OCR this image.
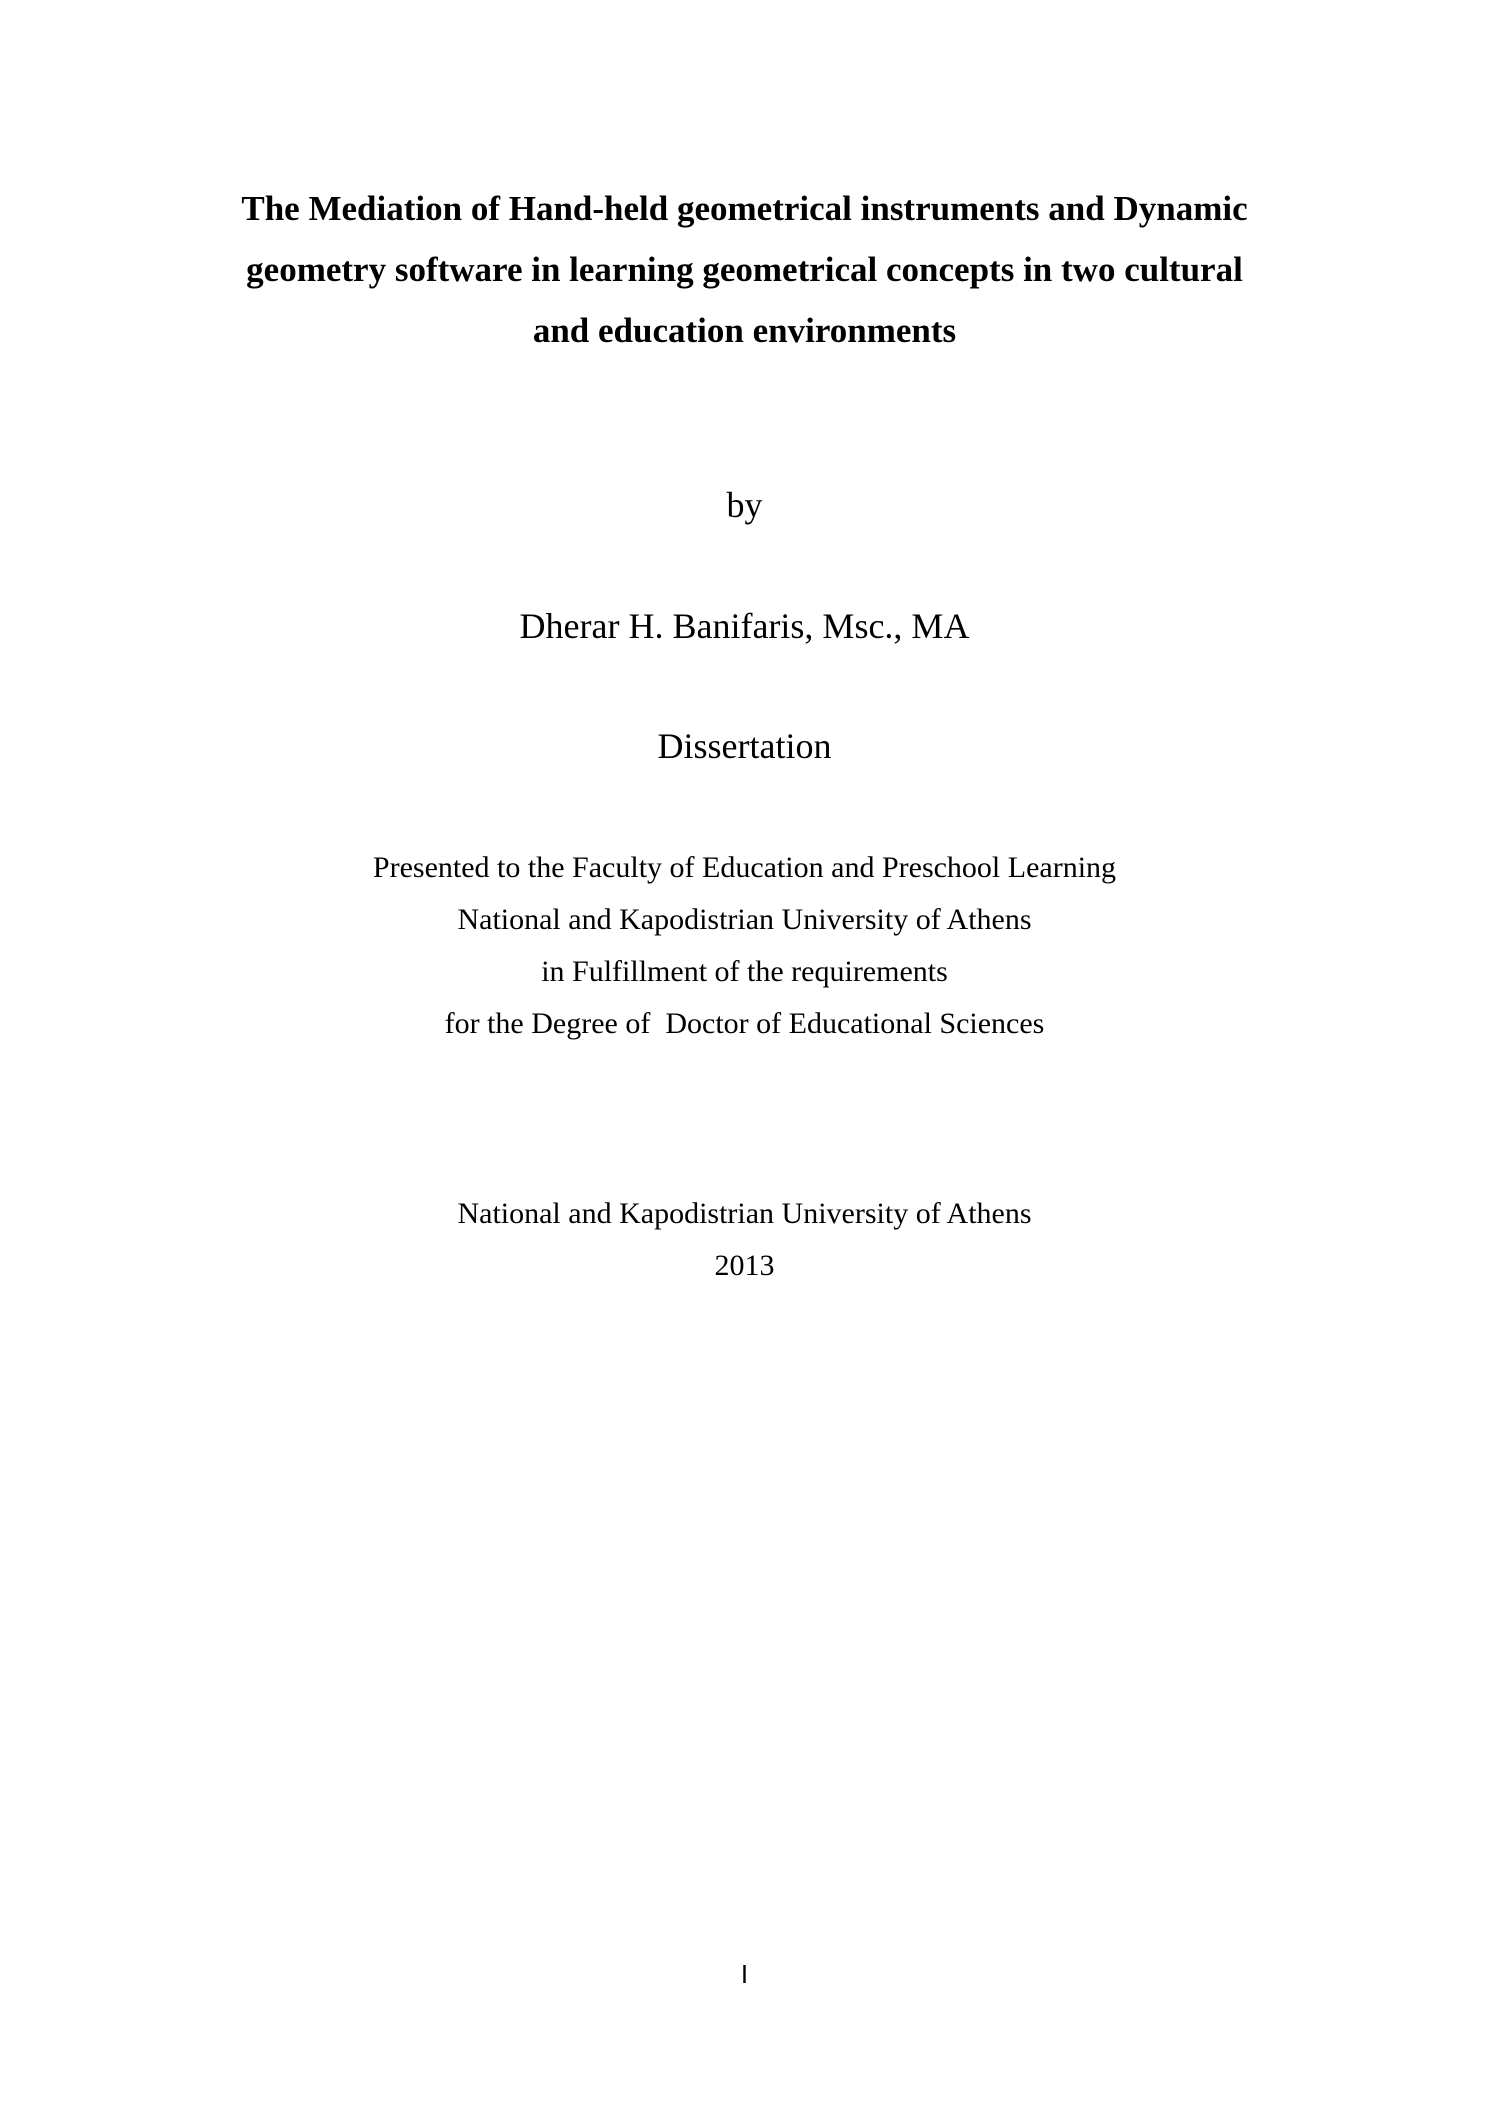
The Mediation of Hand-held geometrical instruments and Dynamic
geometry software in learning geometrical concepts in two cultural
and education environments
by
Dherar H. Banifaris, Msc., MA
Dissertation
Presented to the Faculty of Education and Preschool Learning
National and Kapodistrian University of Athens
in Fulfillment of the requirements
for the Degree of  Doctor of Educational Sciences
National and Kapodistrian University of Athens
2013
I
